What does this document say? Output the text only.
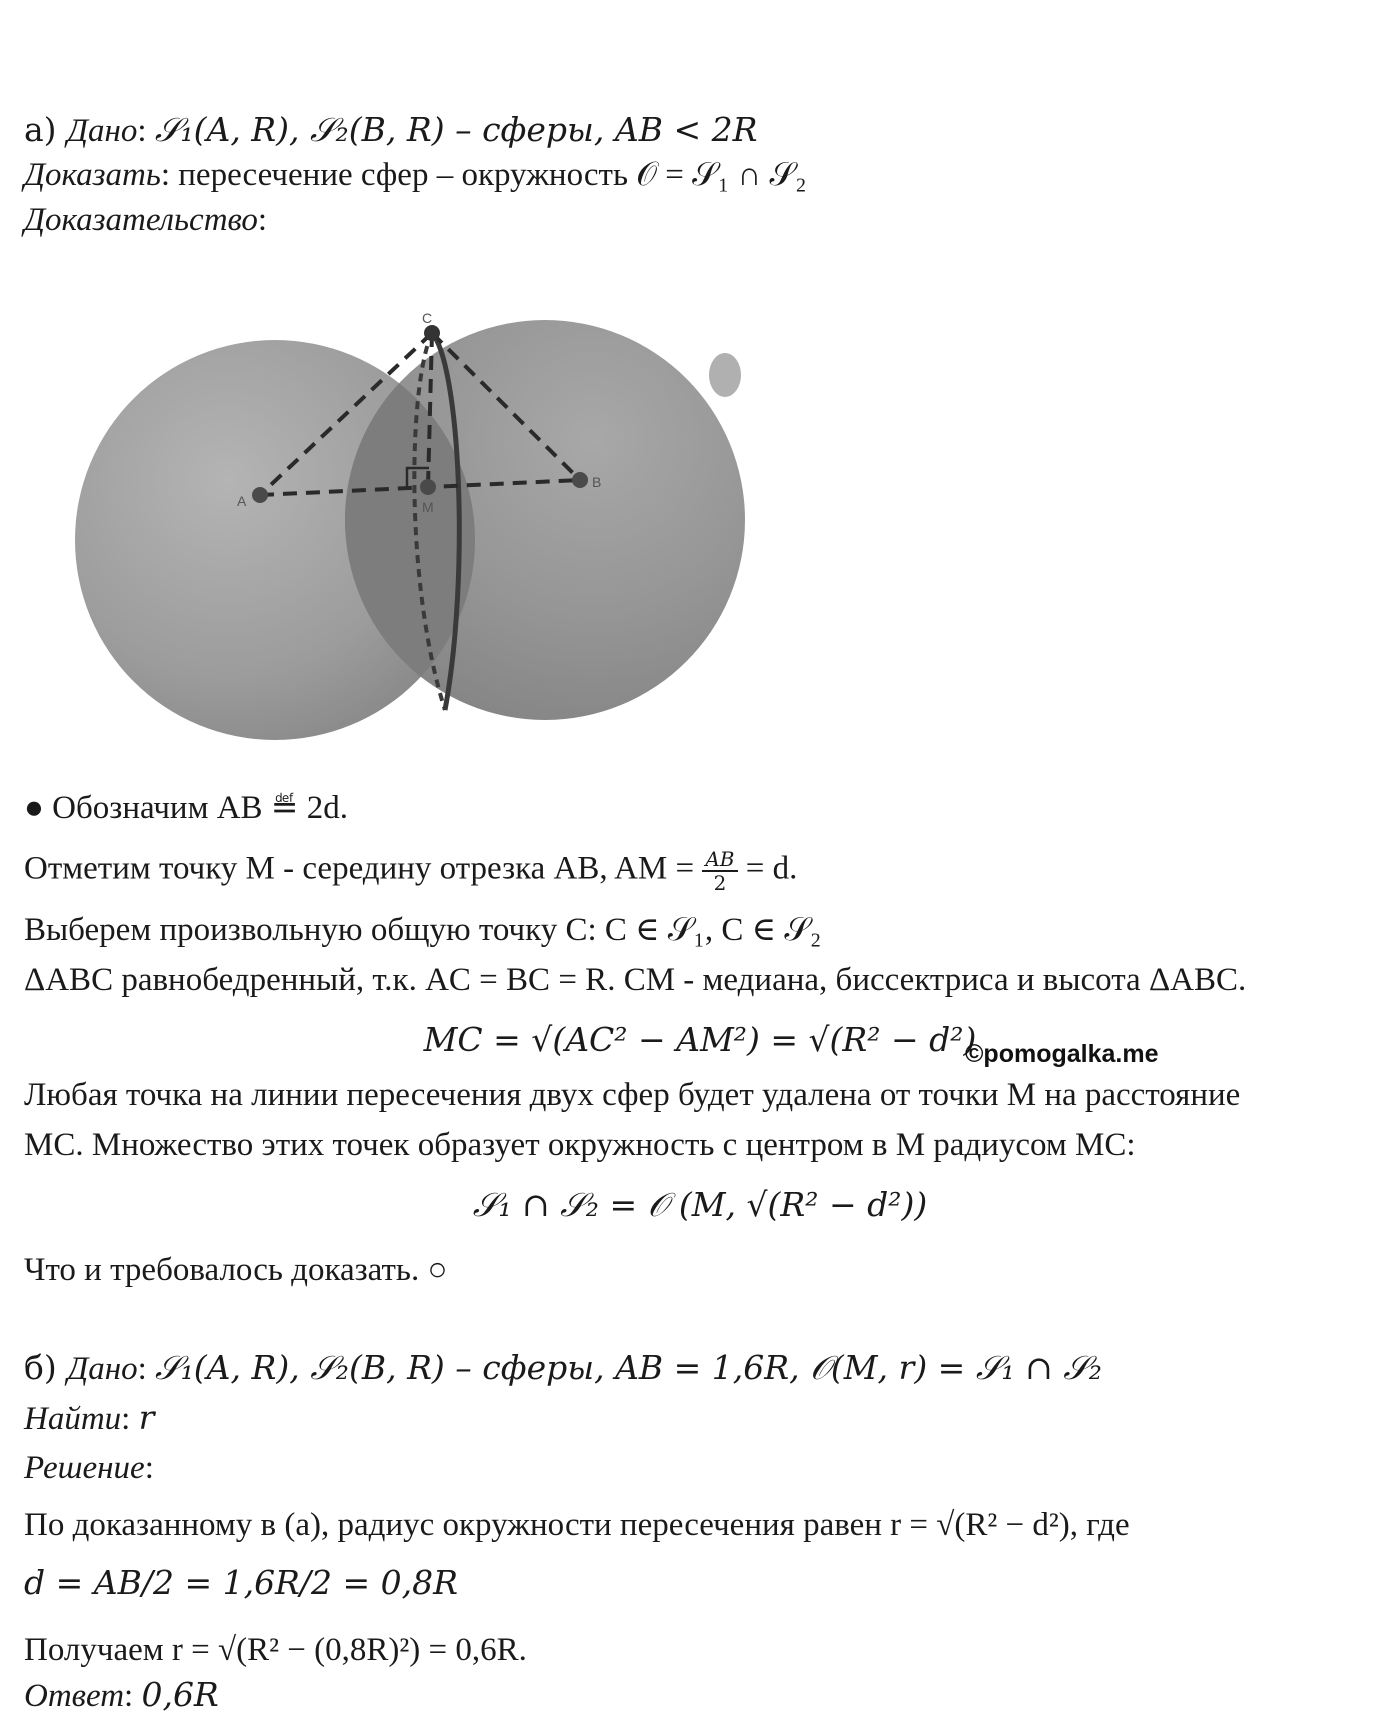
а) Дано: 𝒮₁(A, R), 𝒮₂(B, R) – сферы, AB < 2R
Доказать: пересечение сфер – окружность 𝒪 = 𝒮₁ ∩ 𝒮₂
Доказательство:
C
A	M
B
● Обозначим AB ≝ 2d.
Отметим точку M - середину отрезка AB, AM = $\frac{AB}{2} = d$.
Выберем произвольную общую точку C: C ∈ 𝒮₁, C ∈ 𝒮₂
ΔABC равнобедренный, т.к. AC = BC = R. CM - медиана, биссектриса и высота ΔABC.
MC = √(AC² − AM²) = √(R² − d²)
©pomogalka.me
Любая точка на линии пересечения двух сфер будет удалена от точки M на расстояние
MC. Множество этих точек образует окружность с центром в M радиусом MC:
𝒮₁ ∩ 𝒮₂ = 𝒪 (M, √(R² − d²))
Что и требовалось доказать. ○
б) Дано: 𝒮₁(A, R), 𝒮₂(B, R) – сферы, AB = 1,6R, 𝒪(M, r) = 𝒮₁ ∩ 𝒮₂
Найти: r
Решение:
По доказанному в (а), радиус окружности пересечения равен r = √(R² − d²), где
d = AB/2 = 1,6R/2 = 0,8R
Получаем r = √(R² − (0,8R)²) = 0,6R.
Ответ: 0,6R
